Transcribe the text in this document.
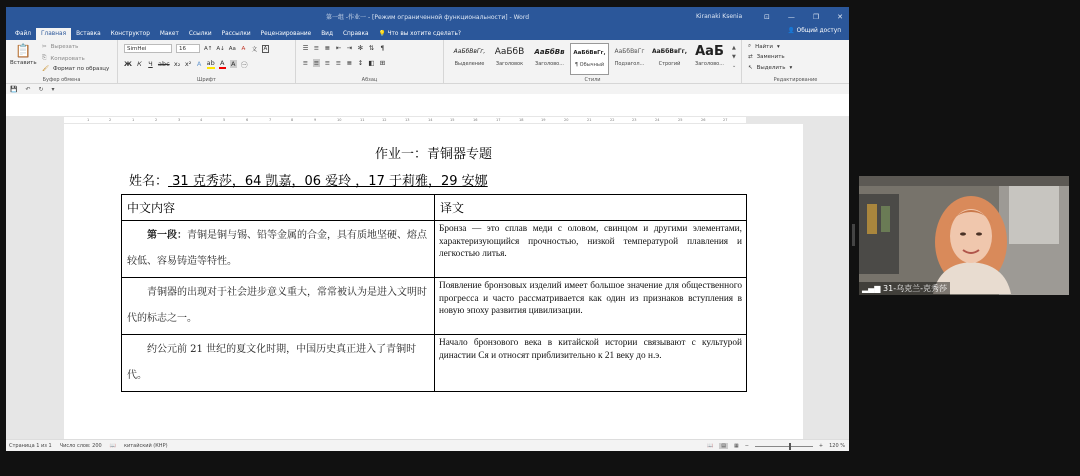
第一组 -作业一 - [Режим ограниченной функциональности] - Word	Kiranaki Ksenia	⊡	—	❐	✕
Файл	Главная	Вставка	Конструктор	Макет	Ссылки	Рассылки	Рецензирование	Вид	Справка	💡 Что вы хотите сделать?	👤 Общий доступ
📋
Вставить
✂ Вырезать
⎘ Копировать
🖌 Формат по образцу
Буфер обмена
SimHei	16	A↑ A↓ Aa A̶ 文 A
Ж К Ч abc x₂ x² A ab A A ㊀
Шрифт
☰ ≡ ≣ ⇤ ⇥ ✻ ⇅ ¶
≡ ≡ ≡ ≡ ≣ ↕ ◧ ⊞
Абзац
АаБбВвГг,
Выделение
АаБбВ
Заголовок
АаБбВв
Заголово...
АаБбВвГг,
¶ Обычный
АаБбВвГг
Подзагол...
АаБбВвГг,
Строгий
АаБ
Заголово...
▲
▼
⌄
Стили
⌕ Найти ▾
⇄ Заменить
↖ Выделить ▾
Редактирование
💾 ↶ ↻ ▾
1	2	1	2	3	4	5	6	7	8	9	10	11	12	13	14	15	16	17	18	19	20	21	22	23	24	25	26	27
作业一：青铜器专题
姓名： 31 克秀莎，64 凯嘉，06 爱玲 ，17 于莉雅，29 安娜
中文内容	译文
第一段：青铜是铜与锡、铅等金属的合金，具有质地坚硬、熔点较低、容易铸造等特性。	Бронза — это сплав меди с оловом, свинцом и другими элементами, характеризующийся прочностью, низкой температурой плавления и легкостью литья.
青铜器的出现对于社会进步意义重大，常常被认为是进入文明时代的标志之一。	Появление бронзовых изделий имеет большое значение для общественного прогресса и часто рассматривается как один из признаков вступления в новую эпоху развития цивилизации.
约公元前 21 世纪的夏文化时期，中国历史真正进入了青铜时代。	Начало бронзового века в китайской истории связывают с культурой династии Ся и относят приблизительно к 21 веку до н.э.
Страница 1 из 1 Число слов: 200 📖 китайский (КНР)	📖	▤	▦ −	+ 120 %
▂▄▆ 31-乌克兰-克秀莎
